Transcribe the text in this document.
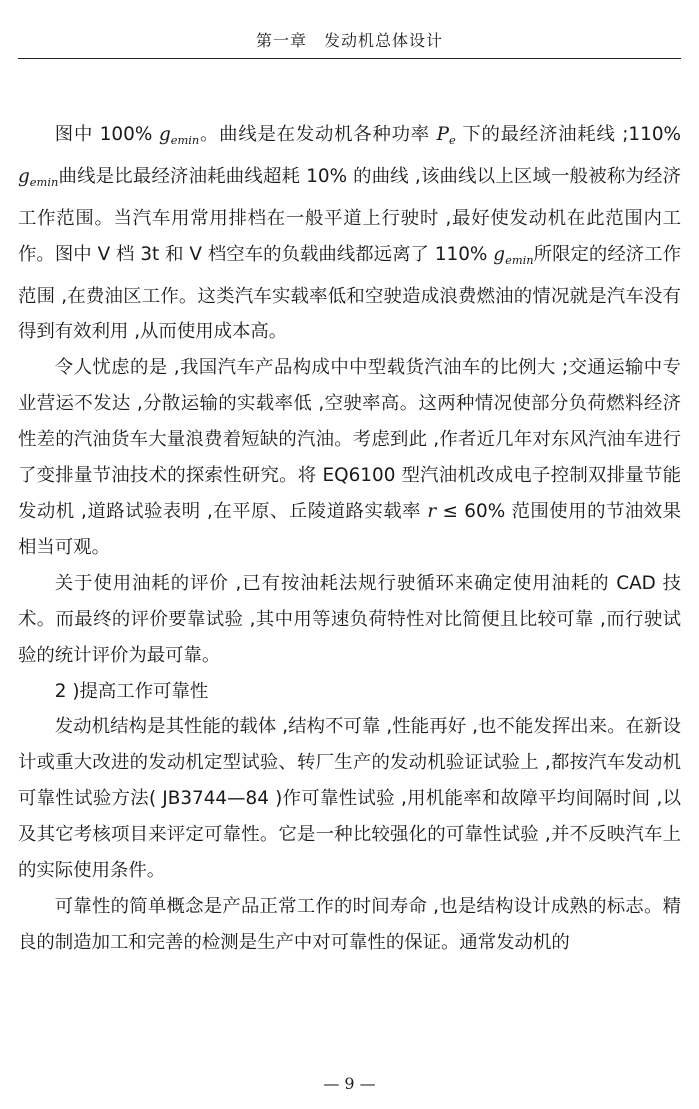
第一章　发动机总体设计

图中 100% $g_{emin}$。曲线是在发动机各种功率 $P_e$ 下的最经济油耗线 ;110% $g_{emin}$曲线是比最经济油耗曲线超耗 10% 的曲线 ,该曲线以上区域一般被称为经济工作范围。当汽车用常用排档在一般平道上行驶时 ,最好使发动机在此范围内工作。图中 V 档 3t 和 V 档空车的负载曲线都远离了 110% $g_{emin}$所限定的经济工作范围 ,在费油区工作。这类汽车实载率低和空驶造成浪费燃油的情况就是汽车没有得到有效利用 ,从而使用成本高。

令人忧虑的是 ,我国汽车产品构成中中型载货汽油车的比例大 ;交通运输中专业营运不发达 ,分散运输的实载率低 ,空驶率高。这两种情况使部分负荷燃料经济性差的汽油货车大量浪费着短缺的汽油。考虑到此 ,作者近几年对东风汽油车进行了变排量节油技术的探索性研究。将 EQ6100 型汽油机改成电子控制双排量节能发动机 ,道路试验表明 ,在平原、丘陵道路实载率 r ≤ 60% 范围使用的节油效果相当可观。

关于使用油耗的评价 ,已有按油耗法规行驶循环来确定使用油耗的 CAD 技术。而最终的评价要靠试验 ,其中用等速负荷特性对比简便且比较可靠 ,而行驶试验的统计评价为最可靠。

2 )提高工作可靠性

发动机结构是其性能的载体 ,结构不可靠 ,性能再好 ,也不能发挥出来。在新设计或重大改进的发动机定型试验、转厂生产的发动机验证试验上 ,都按汽车发动机可靠性试验方法( JB3744—84 )作可靠性试验 ,用机能率和故障平均间隔时间 ,以及其它考核项目来评定可靠性。它是一种比较强化的可靠性试验 ,并不反映汽车上的实际使用条件。

可靠性的简单概念是产品正常工作的时间寿命 ,也是结构设计成熟的标志。精良的制造加工和完善的检测是生产中对可靠性的保证。通常发动机的

— 9 —
